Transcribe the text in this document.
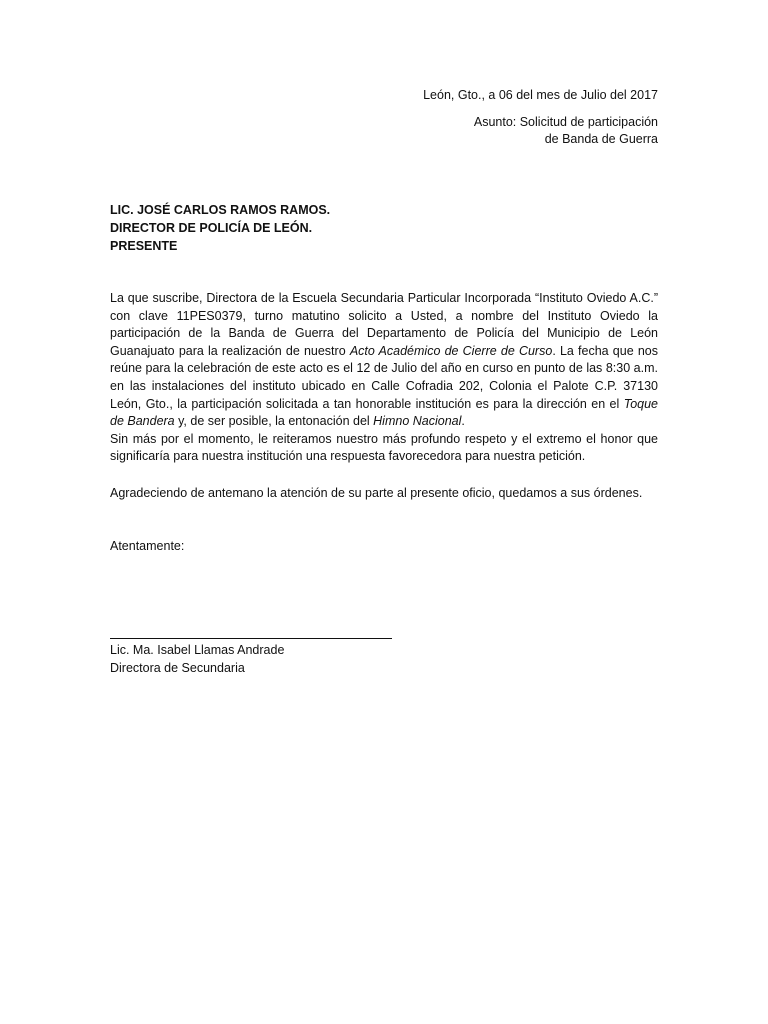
León, Gto., a 06 del mes de Julio del 2017
Asunto: Solicitud de participación
de Banda de Guerra
LIC. JOSÉ CARLOS RAMOS RAMOS.
DIRECTOR DE POLICÍA DE LEÓN.
PRESENTE

La que suscribe, Directora de la Escuela Secundaria Particular Incorporada “Instituto Oviedo A.C.” con clave 11PES0379, turno matutino solicito a Usted, a nombre del Instituto Oviedo la participación de la Banda de Guerra del Departamento de Policía del Municipio de León Guanajuato para la realización de nuestro Acto Académico de Cierre de Curso. La fecha que nos reúne para la celebración de este acto es el 12 de Julio del año en curso en punto de las 8:30 a.m. en las instalaciones del instituto ubicado en Calle Cofradia 202, Colonia el Palote C.P. 37130 León, Gto., la participación solicitada a tan honorable institución es para la dirección en el Toque de Bandera y, de ser posible, la entonación del Himno Nacional.

Sin más por el momento, le reiteramos nuestro más profundo respeto y el extremo el honor que significaría para nuestra institución una respuesta favorecedora para nuestra petición.

Agradeciendo de antemano la atención de su parte al presente oficio, quedamos a sus órdenes.

Atentamente:
Lic. Ma. Isabel Llamas Andrade
Directora de Secundaria
